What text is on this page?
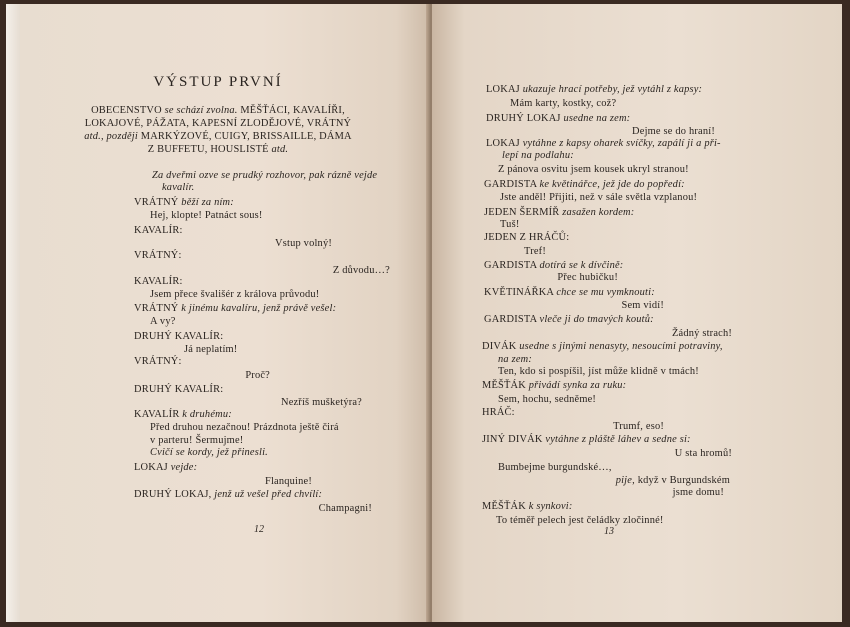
VÝSTUP PRVNÍ
OBECENSTVO se schází zvolna. MĚŠŤÁCI, KAVALÍŘI,
LOKAJOVÉ, PÁŽATA, KAPESNÍ ZLODĚJOVÉ, VRÁTNÝ
atd., později MARKÝZOVÉ, CUIGY, BRISSAILLE, DÁMA
Z BUFFETU, HOUSLISTÉ atd.
Za dveřmi ozve se prudký rozhovor, pak rázně vejde
kavalír.
VRÁTNÝ běží za ním:
Hej, klopte! Patnáct sous!
KAVALÍR:
Vstup volný!
VRÁTNÝ:
Z důvodu…?
KAVALÍR:
Jsem přece švališér z králova průvodu!
VRÁTNÝ k jinému kavalíru, jenž právě vešel:
A vy?
DRUHÝ KAVALÍR:
Já neplatím!
VRÁTNÝ:
Proč?
DRUHÝ KAVALÍR:
Nezříš mušketýra?
KAVALÍR k druhému:
Před druhou nezačnou! Prázdnota ještě čirá
v parteru! Šermujme!
Cvičí se kordy, jež přinesli.
LOKAJ vejde:
Flanquine!
DRUHÝ LOKAJ, jenž už vešel před chvílí:
Champagni!
12
LOKAJ ukazuje hrací potřeby, jež vytáhl z kapsy:
Mám karty, kostky, což?
DRUHÝ LOKAJ usedne na zem:
Dejme se do hraní!
LOKAJ vytáhne z kapsy oharek svíčky, zapálí ji a při-
lepí na podlahu:
Z pánova osvitu jsem kousek ukryl stranou!
GARDISTA ke květinářce, jež jde do popředí:
Jste anděl! Přijiti, než v sále světla vzplanou!
JEDEN ŠERMÍŘ zasažen kordem:
Tuš!
JEDEN Z HRÁČŮ:
Tref!
GARDISTA dotírá se k dívčině:
Přec hubičku!
KVĚTINÁŘKA chce se mu vymknouti:
Sem vidí!
GARDISTA vleče ji do tmavých koutů:
Žádný strach!
DIVÁK usedne s jinými nenasyty, nesoucími potraviny,
na zem:
Ten, kdo si pospíšil, jíst může klidně v tmách!
MĚŠŤÁK přivádí synka za ruku:
Sem, hochu, sedněme!
HRÁČ:
Trumf, eso!
JINÝ DIVÁK vytáhne z pláště láhev a sedne si:
U sta hromů!
Bumbejme burgundské…,
pije, když v Burgundském
jsme domu!
MĚŠŤÁK k synkovi:
To téměř pelech jest čeládky zločinné!
13
